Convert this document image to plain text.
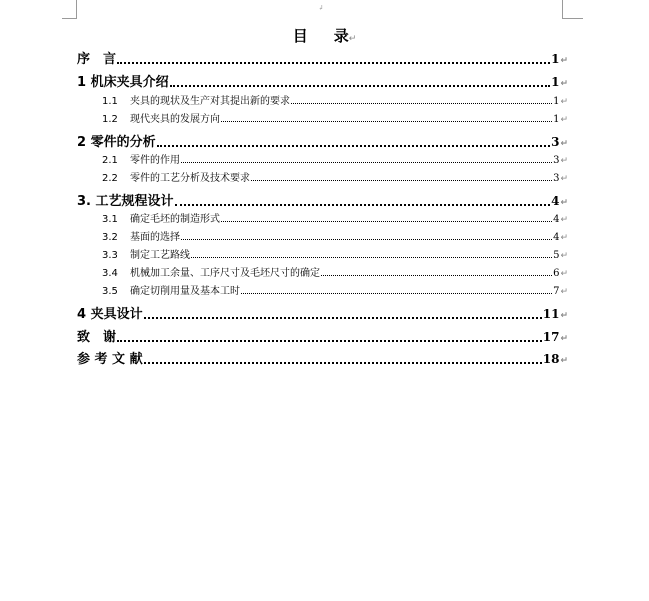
↲
目 录↵
序　言	1 ↵
1 机床夹具介绍	1 ↵
1.1 夹具的现状及生产对其提出新的要求	1 ↵
1.2 现代夹具的发展方向	1 ↵
2 零件的分析	3 ↵
2.1 零件的作用	3 ↵
2.2 零件的工艺分析及技术要求	3 ↵
3. 工艺规程设计	4 ↵
3.1 确定毛坯的制造形式	4 ↵
3.2 基面的选择	4 ↵
3.3 制定工艺路线	5 ↵
3.4 机械加工余量、工序尺寸及毛坯尺寸的确定	6 ↵
3.5 确定切削用量及基本工时	7 ↵
4 夹具设计	11 ↵
致　谢	17 ↵
参 考 文 献	18 ↵
